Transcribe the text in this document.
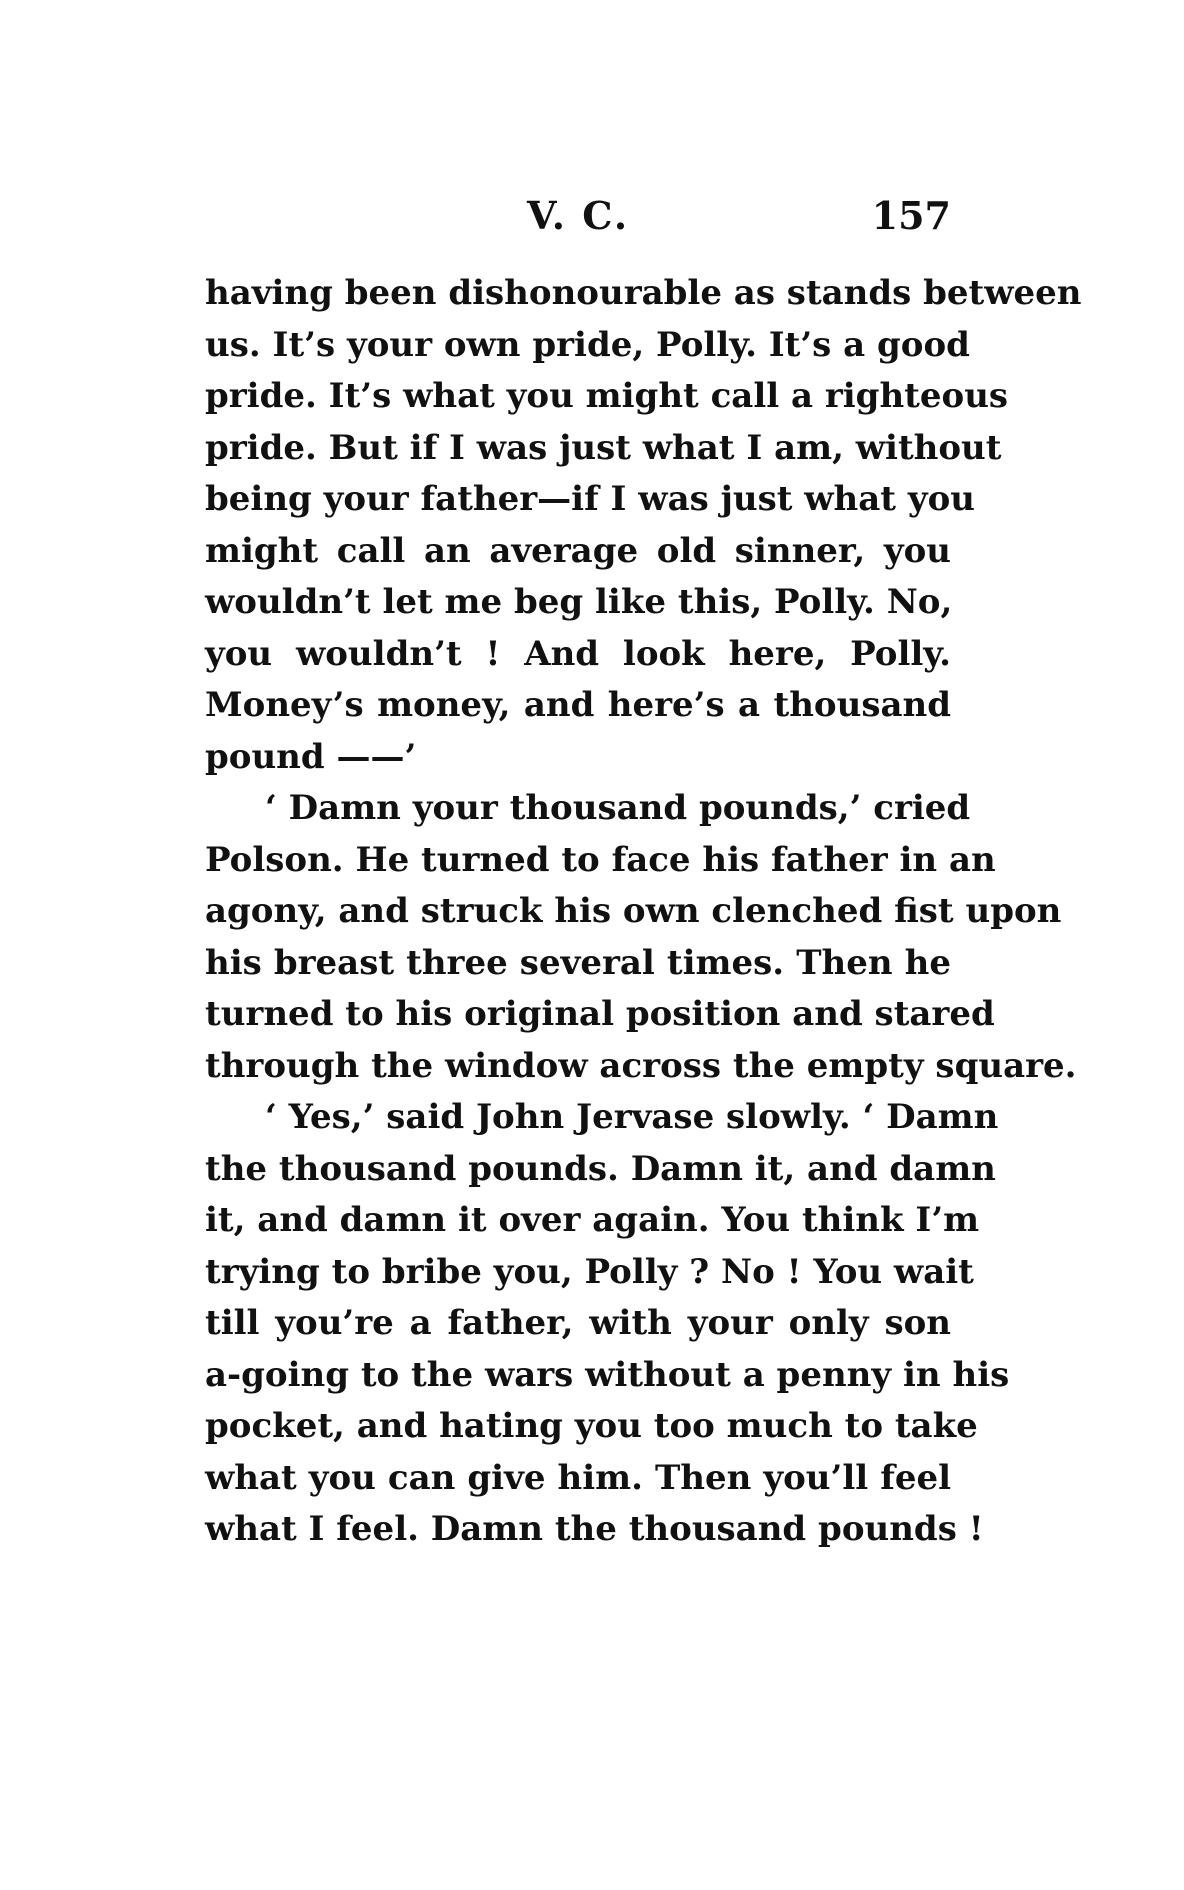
V. C.	157
having been dishonourable as stands between
us. It’s your own pride, Polly. It’s a good
pride. It’s what you might call a righteous
pride. But if I was just what I am, without
being your father—if I was just what you
might call an average old sinner, you
wouldn’t let me beg like this, Polly. No,
you wouldn’t ! And look here, Polly.
Money’s money, and here’s a thousand
pound ——’
‘ Damn your thousand pounds,’ cried
Polson. He turned to face his father in an
agony, and struck his own clenched fist upon
his breast three several times. Then he
turned to his original position and stared
through the window across the empty square.
‘ Yes,’ said John Jervase slowly. ‘ Damn
the thousand pounds. Damn it, and damn
it, and damn it over again. You think I’m
trying to bribe you, Polly ? No ! You wait
till you’re a father, with your only son
a-going to the wars without a penny in his
pocket, and hating you too much to take
what you can give him. Then you’ll feel
what I feel. Damn the thousand pounds !
